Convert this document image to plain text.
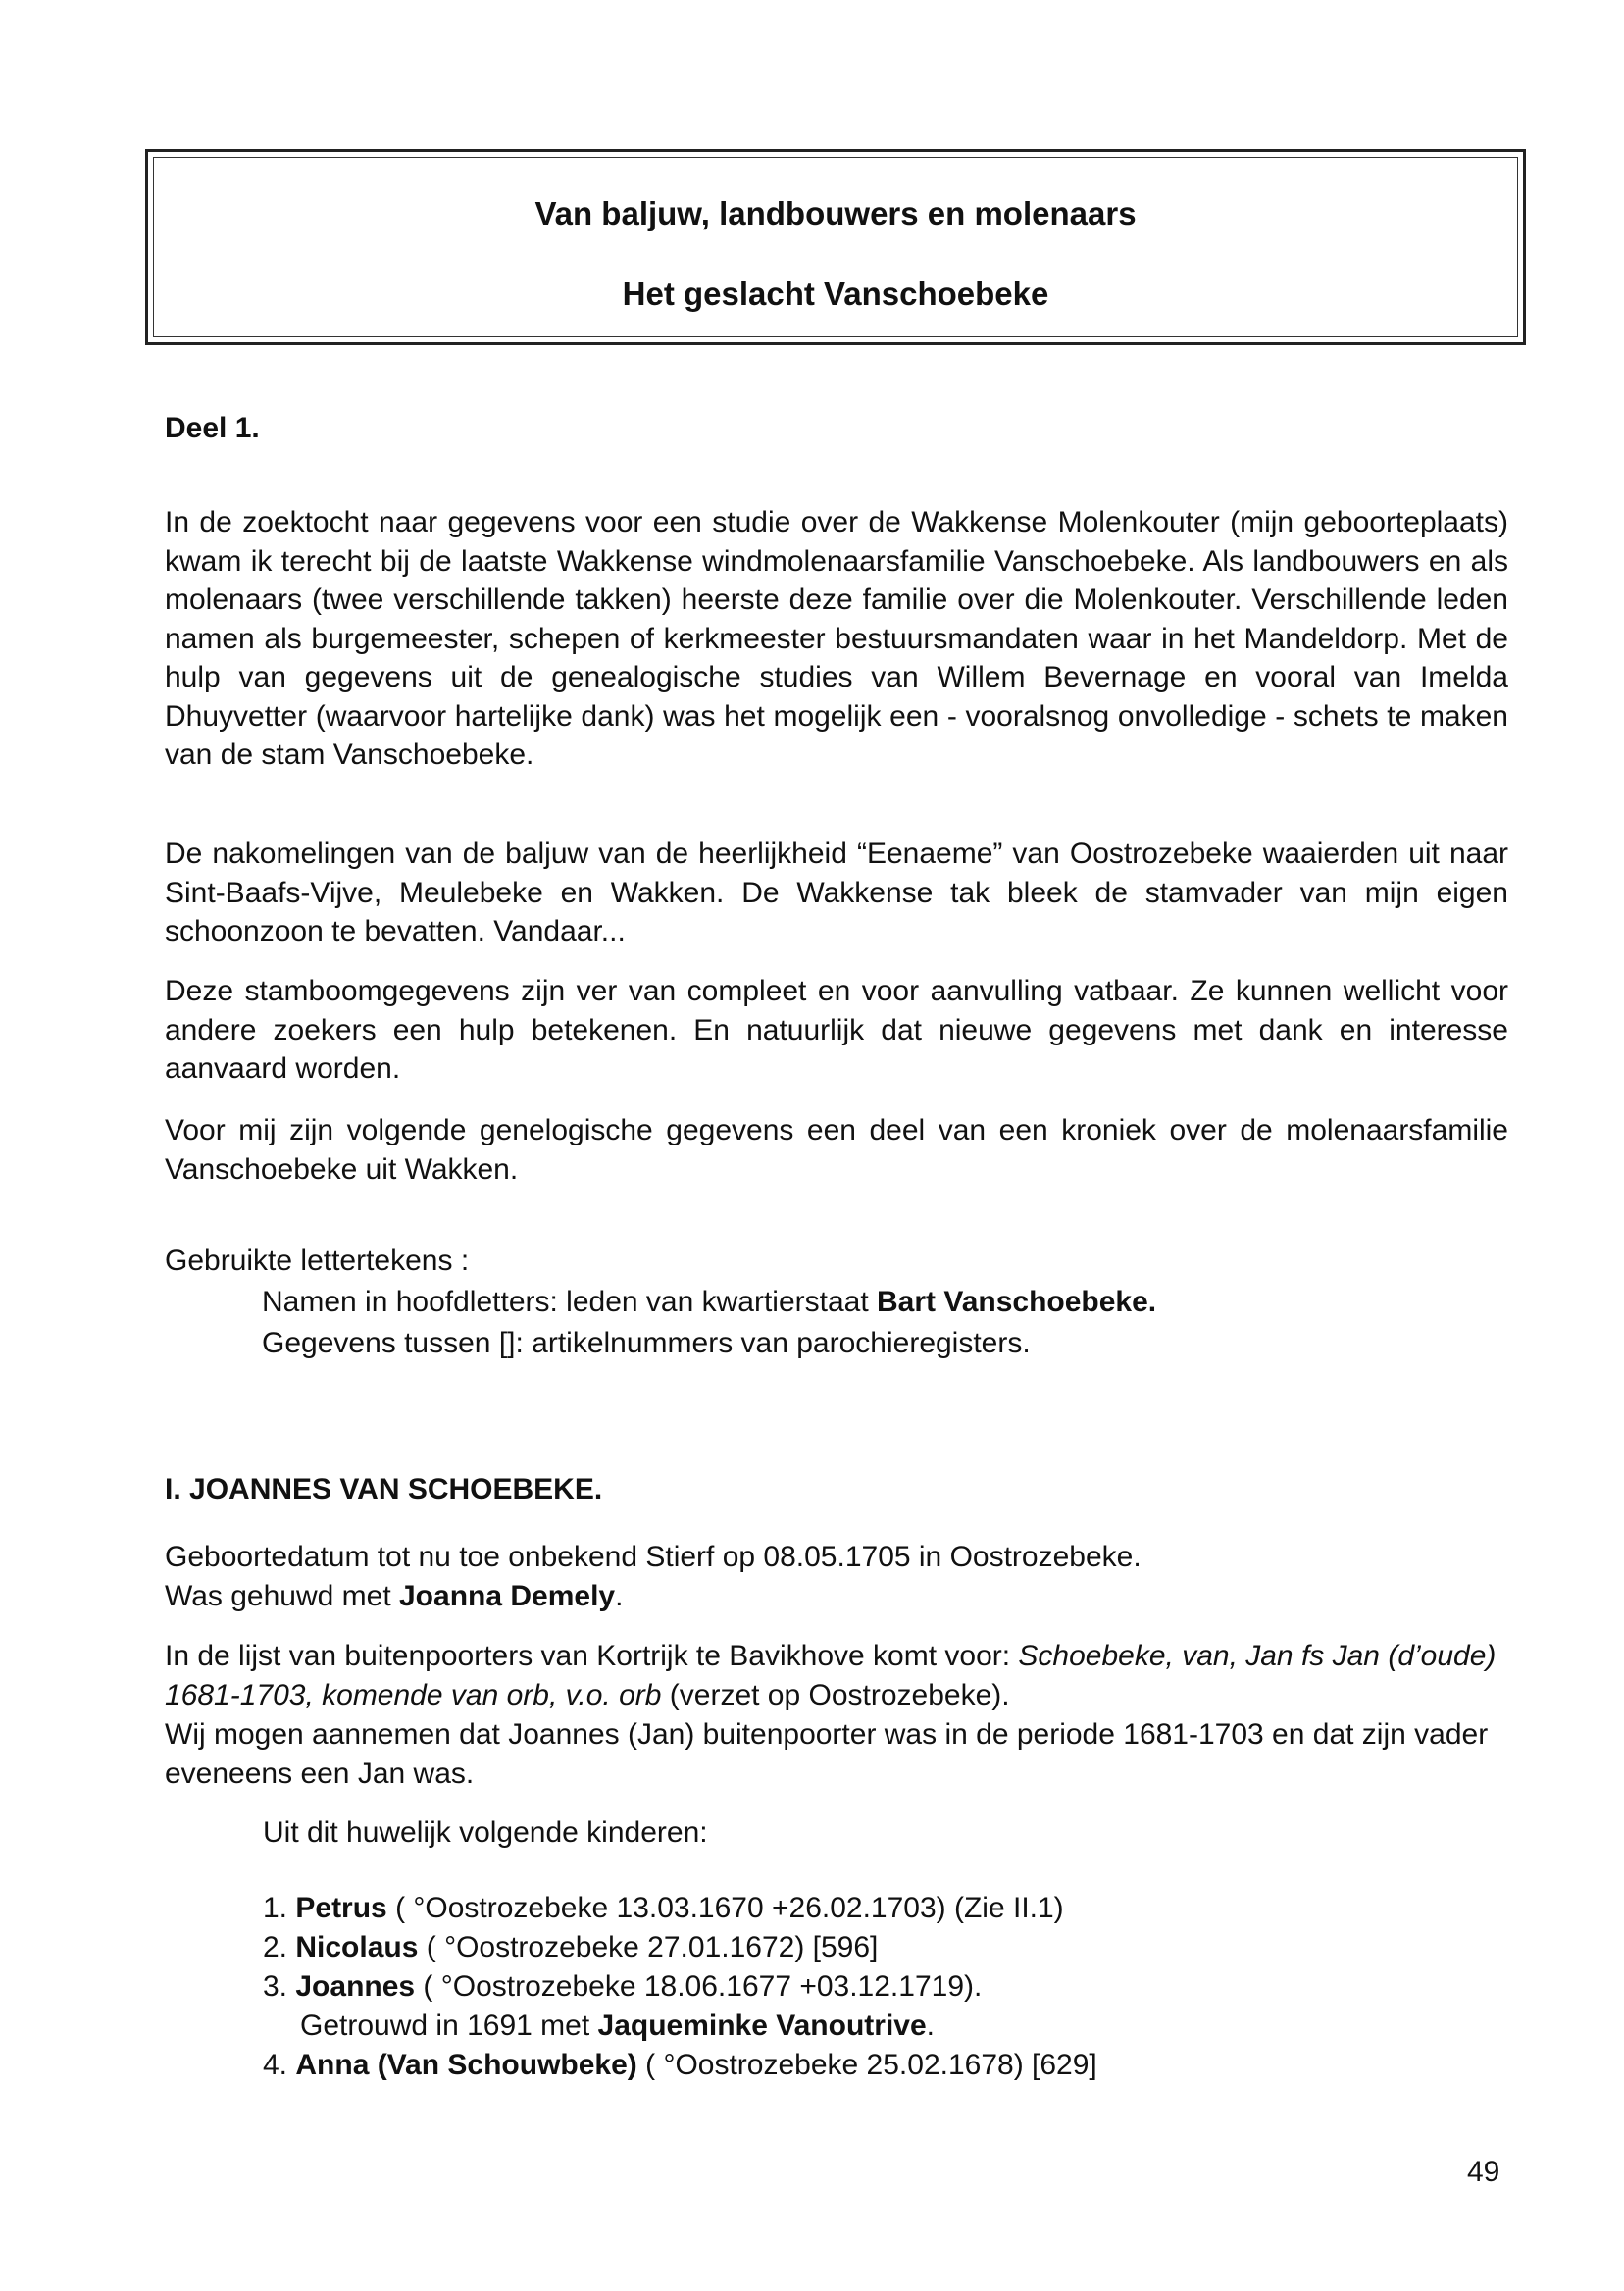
Van baljuw, landbouwers en molenaars
Het geslacht Vanschoebeke
Deel 1.

In de zoektocht naar gegevens voor een studie over de Wakkense Molenkouter (mijn geboorteplaats) kwam ik terecht bij de laatste Wakkense windmolenaarsfamilie Vanschoebeke. Als landbouwers en als molenaars (twee verschillende takken) heerste deze familie over die Molenkouter. Verschillende leden namen als burgemeester, schepen of kerkmeester bestuursmandaten waar in het Mandeldorp. Met de hulp van gegevens uit de genealogische studies van Willem Bevernage en vooral van Imelda Dhuyvetter (waarvoor hartelijke dank) was het mogelijk een - vooralsnog onvolledige - schets te maken van de stam Vanschoebeke.

De nakomelingen van de baljuw van de heerlijkheid “Eenaeme” van Oostrozebeke waaierden uit naar Sint-Baafs-Vijve, Meulebeke en Wakken. De Wakkense tak bleek de stamvader van mijn eigen schoonzoon te bevatten. Vandaar...

Deze stamboomgegevens zijn ver van compleet en voor aanvulling vatbaar. Ze kunnen wellicht voor andere zoekers een hulp betekenen. En natuurlijk dat nieuwe gegevens met dank en interesse aanvaard worden.

Voor mij zijn volgende genelogische gegevens een deel van een kroniek over de molenaarsfamilie Vanschoebeke uit Wakken.

Gebruikte lettertekens :
Namen in hoofdletters: leden van kwartierstaat Bart Vanschoebeke.
Gegevens tussen []: artikelnummers van parochieregisters.
I. JOANNES VAN SCHOEBEKE.
Geboortedatum tot nu toe onbekend Stierf op 08.05.1705 in Oostrozebeke.
Was gehuwd met Joanna Demely.
In de lijst van buitenpoorters van Kortrijk te Bavikhove komt voor: Schoebeke, van, Jan fs Jan (d’oude) 1681-1703, komende van orb, v.o. orb (verzet op Oostrozebeke).
Wij mogen aannemen dat Joannes (Jan) buitenpoorter was in de periode 1681-1703 en dat zijn vader eveneens een Jan was.
Uit dit huwelijk volgende kinderen:
1. Petrus ( °Oostrozebeke 13.03.1670 +26.02.1703) (Zie II.1)
2. Nicolaus ( °Oostrozebeke 27.01.1672) [596]
3. Joannes ( °Oostrozebeke 18.06.1677 +03.12.1719).
Getrouwd in 1691 met Jaqueminke Vanoutrive.
4. Anna (Van Schouwbeke) ( °Oostrozebeke 25.02.1678) [629]
49
